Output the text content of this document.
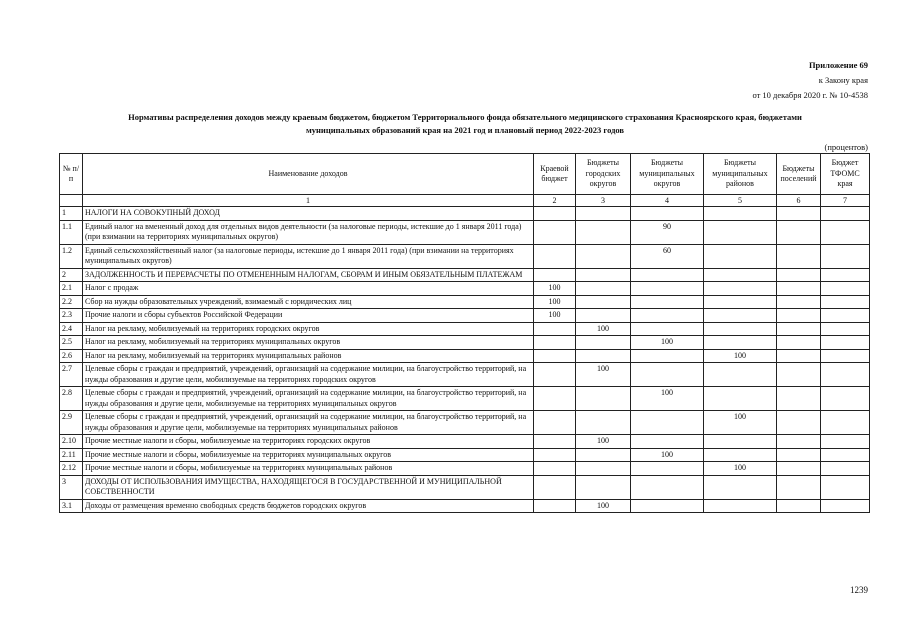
Приложение 69
к Закону края
от 10 декабря 2020 г. № 10-4538
Нормативы распределения доходов между краевым бюджетом, бюджетом Территориального фонда обязательного медицинского страхования Красноярского края, бюджетами
муниципальных образований края на 2021 год и плановый период 2022-2023 годов
(процентов)
№ п/п	Наименование доходов	Краевой бюджет	Бюджеты городских округов	Бюджеты муниципальных округов	Бюджеты муниципальных районов	Бюджеты поселений	Бюджет ТФОМС края
	1	2	3	4	5	6	7
1	НАЛОГИ НА СОВОКУПНЫЙ ДОХОД						
1.1	Единый налог на вмененный доход для отдельных видов деятельности (за налоговые периоды, истекшие до 1 января 2011 года) (при взимании на территориях муниципальных округов)			90			
1.2	Единый сельскохозяйственный налог (за налоговые периоды, истекшие до 1 января 2011 года) (при взимании на территориях муниципальных округов)			60			
2	ЗАДОЛЖЕННОСТЬ И ПЕРЕРАСЧЕТЫ ПО ОТМЕНЕННЫМ НАЛОГАМ, СБОРАМ И ИНЫМ ОБЯЗАТЕЛЬНЫМ ПЛАТЕЖАМ						
2.1	Налог с продаж	100					
2.2	Сбор на нужды образовательных учреждений, взимаемый с юридических лиц	100					
2.3	Прочие налоги и сборы субъектов Российской Федерации	100					
2.4	Налог на рекламу, мобилизуемый на территориях городских округов		100				
2.5	Налог на рекламу, мобилизуемый на территориях муниципальных округов			100			
2.6	Налог на рекламу, мобилизуемый на территориях муниципальных районов				100		
2.7	Целевые сборы с граждан и предприятий, учреждений, организаций на содержание милиции, на благоустройство территорий, на нужды образования и другие цели, мобилизуемые на территориях городских округов		100				
2.8	Целевые сборы с граждан и предприятий, учреждений, организаций на содержание милиции, на благоустройство территорий, на нужды образования и другие цели, мобилизуемые на территориях муниципальных округов			100			
2.9	Целевые сборы с граждан и предприятий, учреждений, организаций на содержание милиции, на благоустройство территорий, на нужды образования и другие цели, мобилизуемые на территориях муниципальных районов				100		
2.10	Прочие местные налоги и сборы, мобилизуемые на территориях городских округов		100				
2.11	Прочие местные налоги и сборы, мобилизуемые на территориях муниципальных округов			100			
2.12	Прочие местные налоги и сборы, мобилизуемые на территориях муниципальных районов				100		
3	ДОХОДЫ ОТ ИСПОЛЬЗОВАНИЯ ИМУЩЕСТВА, НАХОДЯЩЕГОСЯ В ГОСУДАРСТВЕННОЙ И МУНИЦИПАЛЬНОЙ СОБСТВЕННОСТИ						
3.1	Доходы от размещения временно свободных средств бюджетов городских округов		100				
1239
